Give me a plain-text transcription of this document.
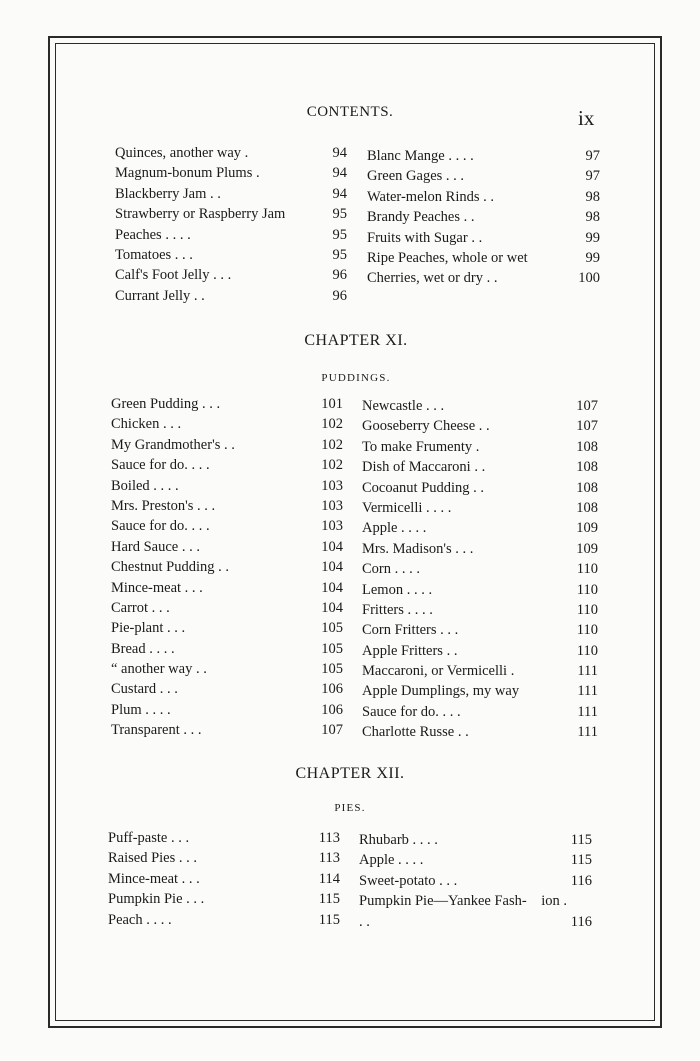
CONTENTS.	ix
Quinces, another way .	94
Magnum-bonum Plums .	94
Blackberry Jam . .	94
Strawberry or Raspberry Jam	95
Peaches . . . .	95
Tomatoes . . .	95
Calf's Foot Jelly . . .	96
Currant Jelly . .	96
Blanc Mange . . . .	97
Green Gages . . .	97
Water-melon Rinds . .	98
Brandy Peaches . .	98
Fruits with Sugar . .	99
Ripe Peaches, whole or wet	99
Cherries, wet or dry . .	100
CHAPTER XI.
PUDDINGS.
Green Pudding . . .	101
Chicken . . .	102
My Grandmother's . .	102
Sauce for do. . . .	102
Boiled . . . .	103
Mrs. Preston's . . .	103
Sauce for do. . . .	103
Hard Sauce . . .	104
Chestnut Pudding . .	104
Mince-meat . . .	104
Carrot . . .	104
Pie-plant . . .	105
Bread . . . .	105
“ another way . .	105
Custard . . .	106
Plum . . . .	106
Transparent . . .	107
Newcastle . . .	107
Gooseberry Cheese . .	107
To make Frumenty .	108
Dish of Maccaroni . .	108
Cocoanut Pudding . .	108
Vermicelli . . . .	108
Apple . . . .	109
Mrs. Madison's . . .	109
Corn . . . .	110
Lemon . . . .	110
Fritters . . . .	110
Corn Fritters . . .	110
Apple Fritters . .	110
Maccaroni, or Vermicelli .	111
Apple Dumplings, my way	111
Sauce for do. . . .	111
Charlotte Russe . .	111
CHAPTER XII.
PIES.
Puff-paste . . .	113
Raised Pies . . .	113
Mince-meat . . .	114
Pumpkin Pie . . .	115
Peach . . . .	115
Rhubarb . . . .	115
Apple . . . .	115
Sweet-potato . . .	116
Pumpkin Pie—Yankee Fash-    ion . . .	116
